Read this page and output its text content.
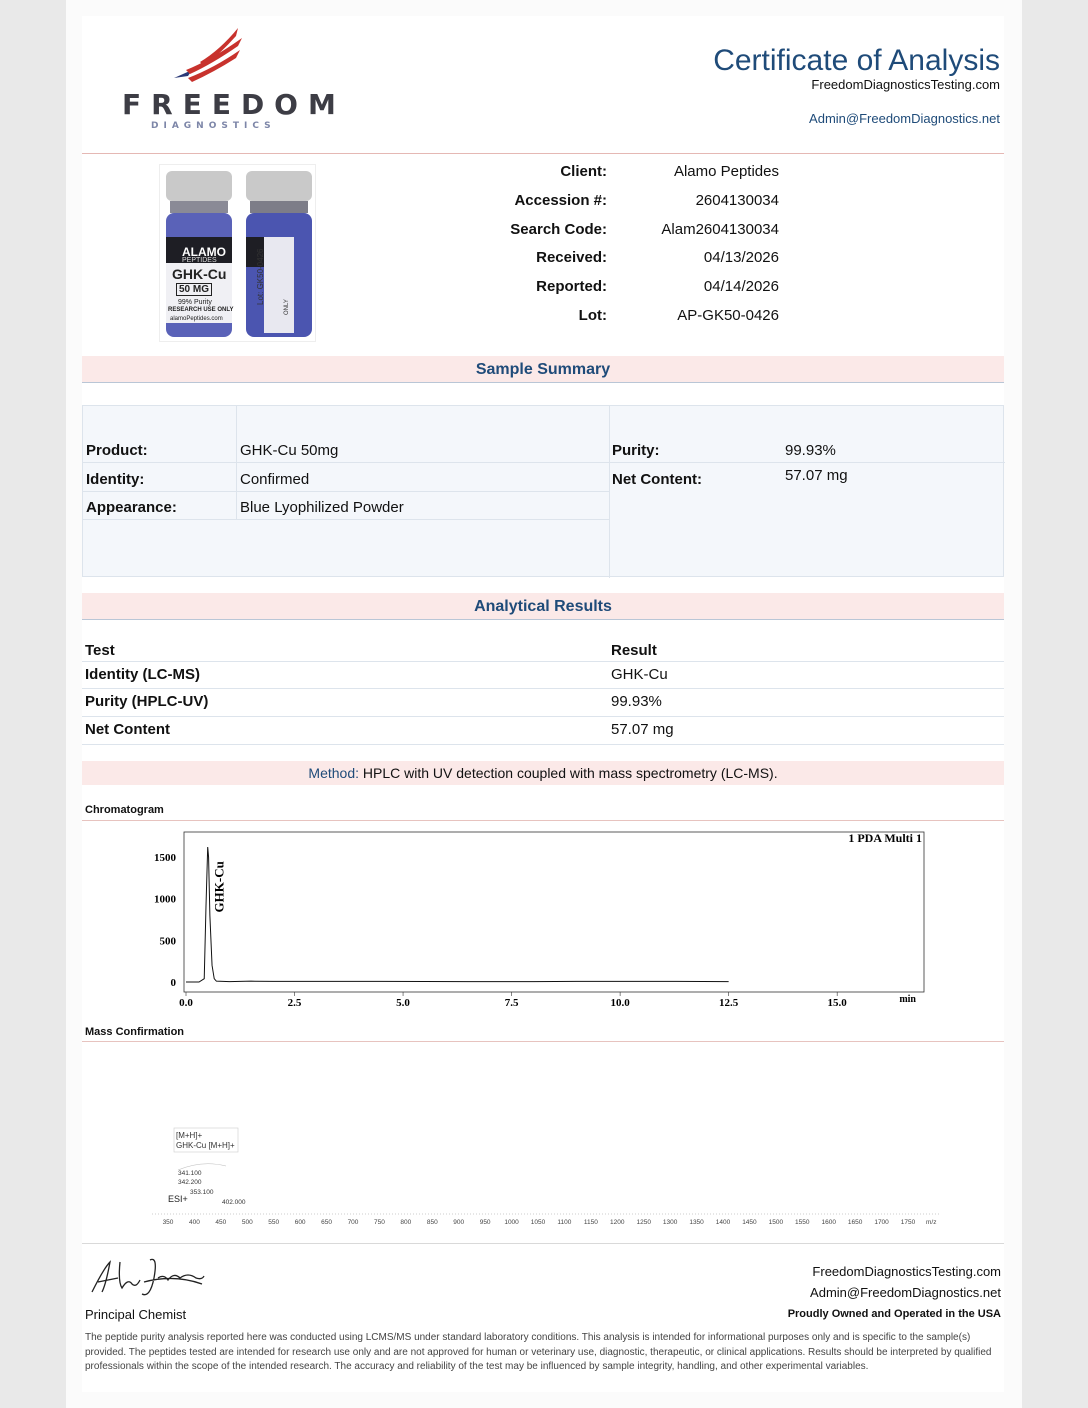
FREEDOM
DIAGNOSTICS
Certificate of Analysis
FreedomDiagnosticsTesting.com
Admin@FreedomDiagnostics.net
ALAMO
PEPTIDES
GHK-Cu
50 MG
99% Purity
RESEARCH USE ONLY
alamoPeptides.com
Lot: GK50-0426
ONLY
Client:	Alamo Peptides
Accession #:	2604130034
Search Code:	Alam2604130034
Received:	04/13/2026
Reported:	04/14/2026
Lot:	AP-GK50-0426
Sample Summary
Product:	GHK-Cu 50mg
Identity:	Confirmed
Appearance:	Blue Lyophilized Powder
Purity:	99.93%
Net Content:	57.07 mg
Analytical Results
Test	Result
Identity (LC-MS)	GHK-Cu
Purity (HPLC-UV)	99.93%
Net Content	57.07 mg
Method: HPLC with UV detection coupled with mass spectrometry (LC-MS).
Chromatogram
1 PDA Multi 1
min
0.0	2.5	5.0	7.5	10.0	12.5	15.0
0
500
1000
1500
GHK-Cu
Mass Confirmation
[M+H]+
GHK-Cu [M+H]+
341.100
342.200
353.100
ESI+	402.000
350 400 450 500 550 600 650 700 750 800 850 900 950 1000 1050 1100 1150 1200 1250 1300 1350 1400 1450 1500 1550 1600 1650 1700 1750 m/z
Alex Johnson
Principal Chemist
FreedomDiagnosticsTesting.com
Admin@FreedomDiagnostics.net
Proudly Owned and Operated in the USA
The peptide purity analysis reported here was conducted using LCMS/MS under standard laboratory conditions. This analysis is intended for informational purposes only and is specific to the sample(s) provided. The peptides tested are intended for research use only and are not approved for human or veterinary use, diagnostic, therapeutic, or clinical applications. Results should be interpreted by qualified professionals within the scope of the intended research. The accuracy and reliability of the test may be influenced by sample integrity, handling, and other experimental variables.
